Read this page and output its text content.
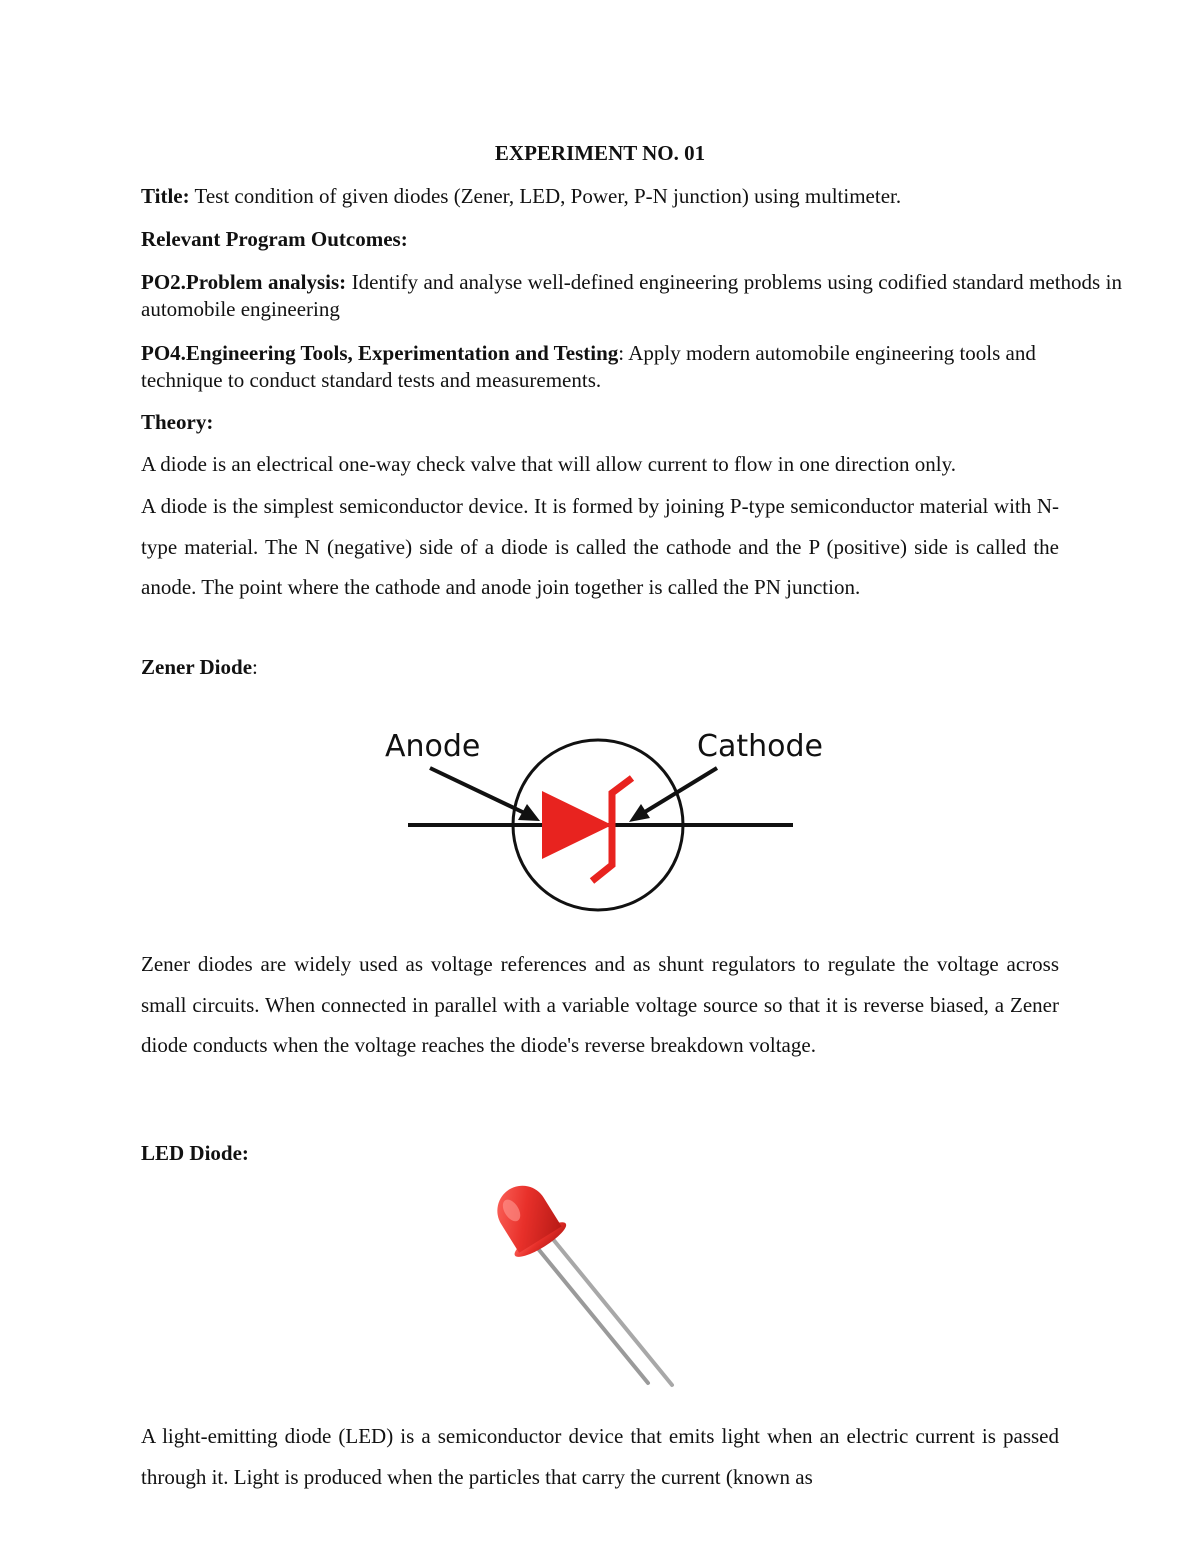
EXPERIMENT NO. 01

Title: Test condition of given diodes (Zener, LED, Power, P-N junction) using multimeter.

Relevant Program Outcomes:

PO2.Problem analysis: Identify and analyse well-defined engineering problems using codified standard methods in automobile engineering

PO4.Engineering Tools, Experimentation and Testing: Apply modern automobile engineering tools and technique to conduct standard tests and measurements.

Theory:

A diode is an electrical one-way check valve that will allow current to flow in one direction only.

A diode is the simplest semiconductor device. It is formed by joining P-type semiconductor material with N-type material. The N (negative) side of a diode is called the cathode and the P (positive) side is called the anode. The point where the cathode and anode join together is called the PN junction.

Zener Diode:

Anode	Cathode

Zener diodes are widely used as voltage references and as shunt regulators to regulate the voltage across small circuits. When connected in parallel with a variable voltage source so that it is reverse biased, a Zener diode conducts when the voltage reaches the diode's reverse breakdown voltage.

LED Diode:

A light-emitting diode (LED) is a semiconductor device that emits light when an electric current is passed through it. Light is produced when the particles that carry the current (known as
